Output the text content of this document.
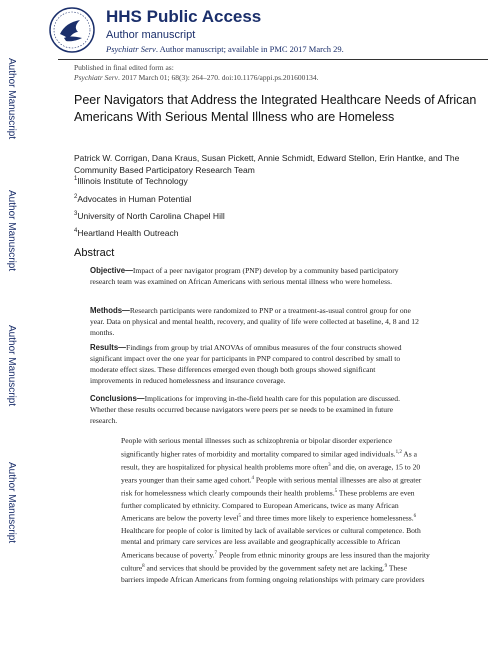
HHS Public Access
Author manuscript
Psychiatr Serv. Author manuscript; available in PMC 2017 March 29.
Published in final edited form as:
Psychiatr Serv. 2017 March 01; 68(3): 264–270. doi:10.1176/appi.ps.201600134.
Author Manuscript
Author Manuscript
Author Manuscript
Author Manuscript
Peer Navigators that Address the Integrated Healthcare Needs of African Americans With Serious Mental Illness who are Homeless
Patrick W. Corrigan, Dana Kraus, Susan Pickett, Annie Schmidt, Edward Stellon, Erin Hantke, and The Community Based Participatory Research Team
$^1$Illinois Institute of Technology
$^2$Advocates in Human Potential
$^3$University of North Carolina Chapel Hill
$^4$Heartland Health Outreach
Abstract
Objective—Impact of a peer navigator program (PNP) develop by a community based participatory research team was examined on African Americans with serious mental illness who were homeless.
Methods—Research participants were randomized to PNP or a treatment-as-usual control group for one year. Data on physical and mental health, recovery, and quality of life were collected at baseline, 4, 8 and 12 months.
Results—Findings from group by trial ANOVAs of omnibus measures of the four constructs showed significant impact over the one year for participants in PNP compared to control described by small to moderate effect sizes. These differences emerged even though both groups showed significant improvements in reduced homelessness and insurance coverage.
Conclusions—Implications for improving in-the-field health care for this population are discussed. Whether these results occurred because navigators were peers per se needs to be examined in future research.
People with serious mental illnesses such as schizophrenia or bipolar disorder experience significantly higher rates of morbidity and mortality compared to similar aged individuals.$^{1,2}$ As a result, they are hospitalized for physical health problems more often$^3$ and die, on average, 15 to 20 years younger than their same aged cohort.$^4$ People with serious mental illnesses are also at greater risk for homelessness which clearly compounds their health problems.$^5$ These problems are even further complicated by ethnicity. Compared to European Americans, twice as many African Americans are below the poverty level$^5$ and three times more likely to experience homelessness.$^6$ Healthcare for people of color is limited by lack of available services or cultural competence. Both mental and primary care services are less available and geographically accessible to African Americans because of poverty.$^7$ People from ethnic minority groups are less insured than the majority culture$^8$ and services that should be provided by the government safety net are lacking.$^9$ These barriers impede African Americans from forming ongoing relationships with primary care providers
